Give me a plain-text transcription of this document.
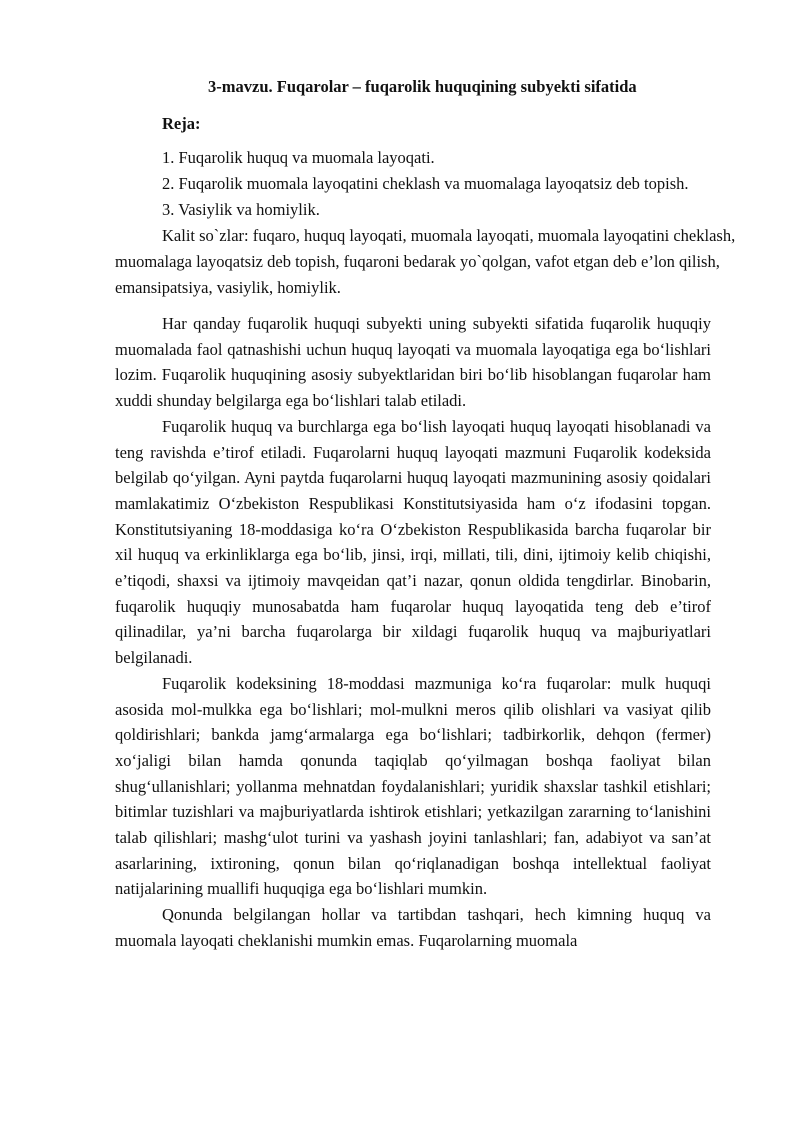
3-mavzu. Fuqarolar – fuqarolik huquqining subyekti sifatida

Reja:

1. Fuqarolik huquq va muomala layoqati.
2. Fuqarolik muomala layoqatini cheklash va muomalaga layoqatsiz deb topish.
3. Vasiylik va homiylik.

Kalit so`zlar: fuqaro, huquq layoqati, muomala layoqati, muomala layoqatini cheklash, muomalaga layoqatsiz deb topish, fuqaroni bedarak yo`qolgan, vafot etgan deb e’lon qilish, emansipatsiya, vasiylik, homiylik.

Har qanday fuqarolik huquqi subyekti uning subyekti sifatida fuqarolik huquqiy muomalada faol qatnashishi uchun huquq layoqati va muomala layoqatiga ega bo‘lishlari lozim. Fuqarolik huquqining asosiy subyektlaridan biri bo‘lib hisoblangan fuqarolar ham xuddi shunday belgilarga ega bo‘lishlari talab etiladi.

Fuqarolik huquq va burchlarga ega bo‘lish layoqati huquq layoqati hisoblanadi va teng ravishda e’tirof etiladi. Fuqarolarni huquq layoqati mazmuni Fuqarolik kodeksida belgilab qo‘yilgan. Ayni paytda fuqarolarni huquq layoqati mazmunining asosiy qoidalari mamlakatimiz O‘zbekiston Respublikasi Konstitutsiyasida ham o‘z ifodasini topgan. Konstitutsiyaning 18-moddasiga ko‘ra O‘zbekiston Respublikasida barcha fuqarolar bir xil huquq va erkinliklarga ega bo‘lib, jinsi, irqi, millati, tili, dini, ijtimoiy kelib chiqishi, e’tiqodi, shaxsi va ijtimoiy mavqeidan qat’i nazar, qonun oldida tengdirlar. Binobarin, fuqarolik huquqiy munosabatda ham fuqarolar huquq layoqatida teng deb e’tirof qilinadilar, ya’ni barcha fuqarolarga bir xildagi fuqarolik huquq va majburiyatlari belgilanadi.

Fuqarolik kodeksining 18-moddasi mazmuniga ko‘ra fuqarolar: mulk huquqi asosida mol-mulkka ega bo‘lishlari; mol-mulkni meros qilib olishlari va vasiyat qilib qoldirishlari; bankda jamg‘armalarga ega bo‘lishlari; tadbirkorlik, dehqon (fermer) xo‘jaligi bilan hamda qonunda taqiqlab qo‘yilmagan boshqa faoliyat bilan shug‘ullanishlari; yollanma mehnatdan foydalanishlari; yuridik shaxslar tashkil etishlari; bitimlar tuzishlari va majburiyatlarda ishtirok etishlari; yetkazilgan zararning to‘lanishini talab qilishlari; mashg‘ulot turini va yashash joyini tanlashlari; fan, adabiyot va san’at asarlarining, ixtironing, qonun bilan qo‘riqlanadigan boshqa intellektual faoliyat natijalarining muallifi huquqiga ega bo‘lishlari mumkin.

Qonunda belgilangan hollar va tartibdan tashqari, hech kimning huquq va muomala layoqati cheklanishi mumkin emas. Fuqarolarning muomala
